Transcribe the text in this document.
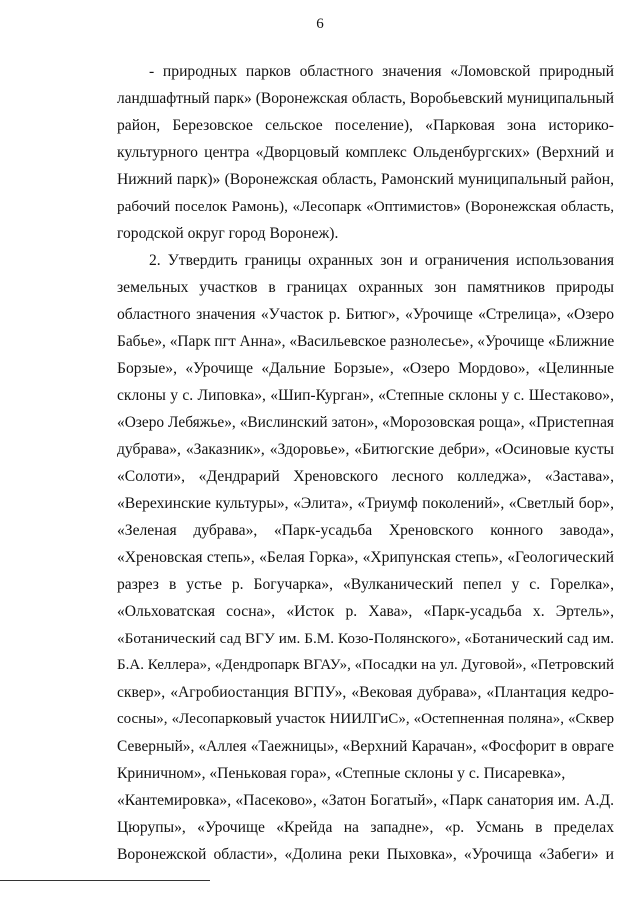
6
- природных парков областного значения «Ломовской природный
ландшафтный парк» (Воронежская область, Воробьевский муниципальный
район, Березовское сельское поселение), «Парковая зона историко-
культурного центра «Дворцовый комплекс Ольденбургских» (Верхний и
Нижний парк)» (Воронежская область, Рамонский муниципальный район,
рабочий поселок Рамонь), «Лесопарк «Оптимистов» (Воронежская область,
городской округ город Воронеж).
2. Утвердить границы охранных зон и ограничения использования
земельных участков в границах охранных зон памятников природы
областного значения «Участок р. Битюг», «Урочище «Стрелица», «Озеро
Бабье», «Парк пгт Анна», «Васильевское разнолесье», «Урочище «Ближние
Борзые», «Урочище «Дальние Борзые», «Озеро Мордово», «Целинные
склоны у с. Липовка», «Шип-Курган», «Степные склоны у с. Шестаково»,
«Озеро Лебяжье», «Вислинский затон», «Морозовская роща», «Пристепная
дубрава», «Заказник», «Здоровье», «Битюгские дебри», «Осиновые кусты
«Солоти», «Дендрарий Хреновского лесного колледжа», «Застава»,
«Верехинские культуры», «Элита», «Триумф поколений», «Светлый бор»,
«Зеленая дубрава», «Парк-усадьба Хреновского конного завода»,
«Хреновская степь», «Белая Горка», «Хрипунская степь», «Геологический
разрез в устье р. Богучарка», «Вулканический пепел у с. Горелка»,
«Ольховатская сосна», «Исток р. Хава», «Парк-усадьба х. Эртель»,
«Ботанический сад ВГУ им. Б.М. Козо-Полянского», «Ботанический сад им.
Б.А. Келлера», «Дендропарк ВГАУ», «Посадки на ул. Дуговой», «Петровский
сквер», «Агробиостанция ВГПУ», «Вековая дубрава», «Плантация кедро-
сосны», «Лесопарковый участок НИИЛГиС», «Остепненная поляна», «Сквер
Северный», «Аллея «Таежницы», «Верхний Карачан», «Фосфорит в овраге
Криничном», «Пеньковая гора», «Степные склоны у с. Писаревка»,
«Кантемировка», «Пасеково», «Затон Богатый», «Парк санатория им. А.Д.
Цюрупы», «Урочище «Крейда на западне», «р. Усмань в пределах
Воронежской области», «Долина реки Пыховка», «Урочища «Забеги» и
